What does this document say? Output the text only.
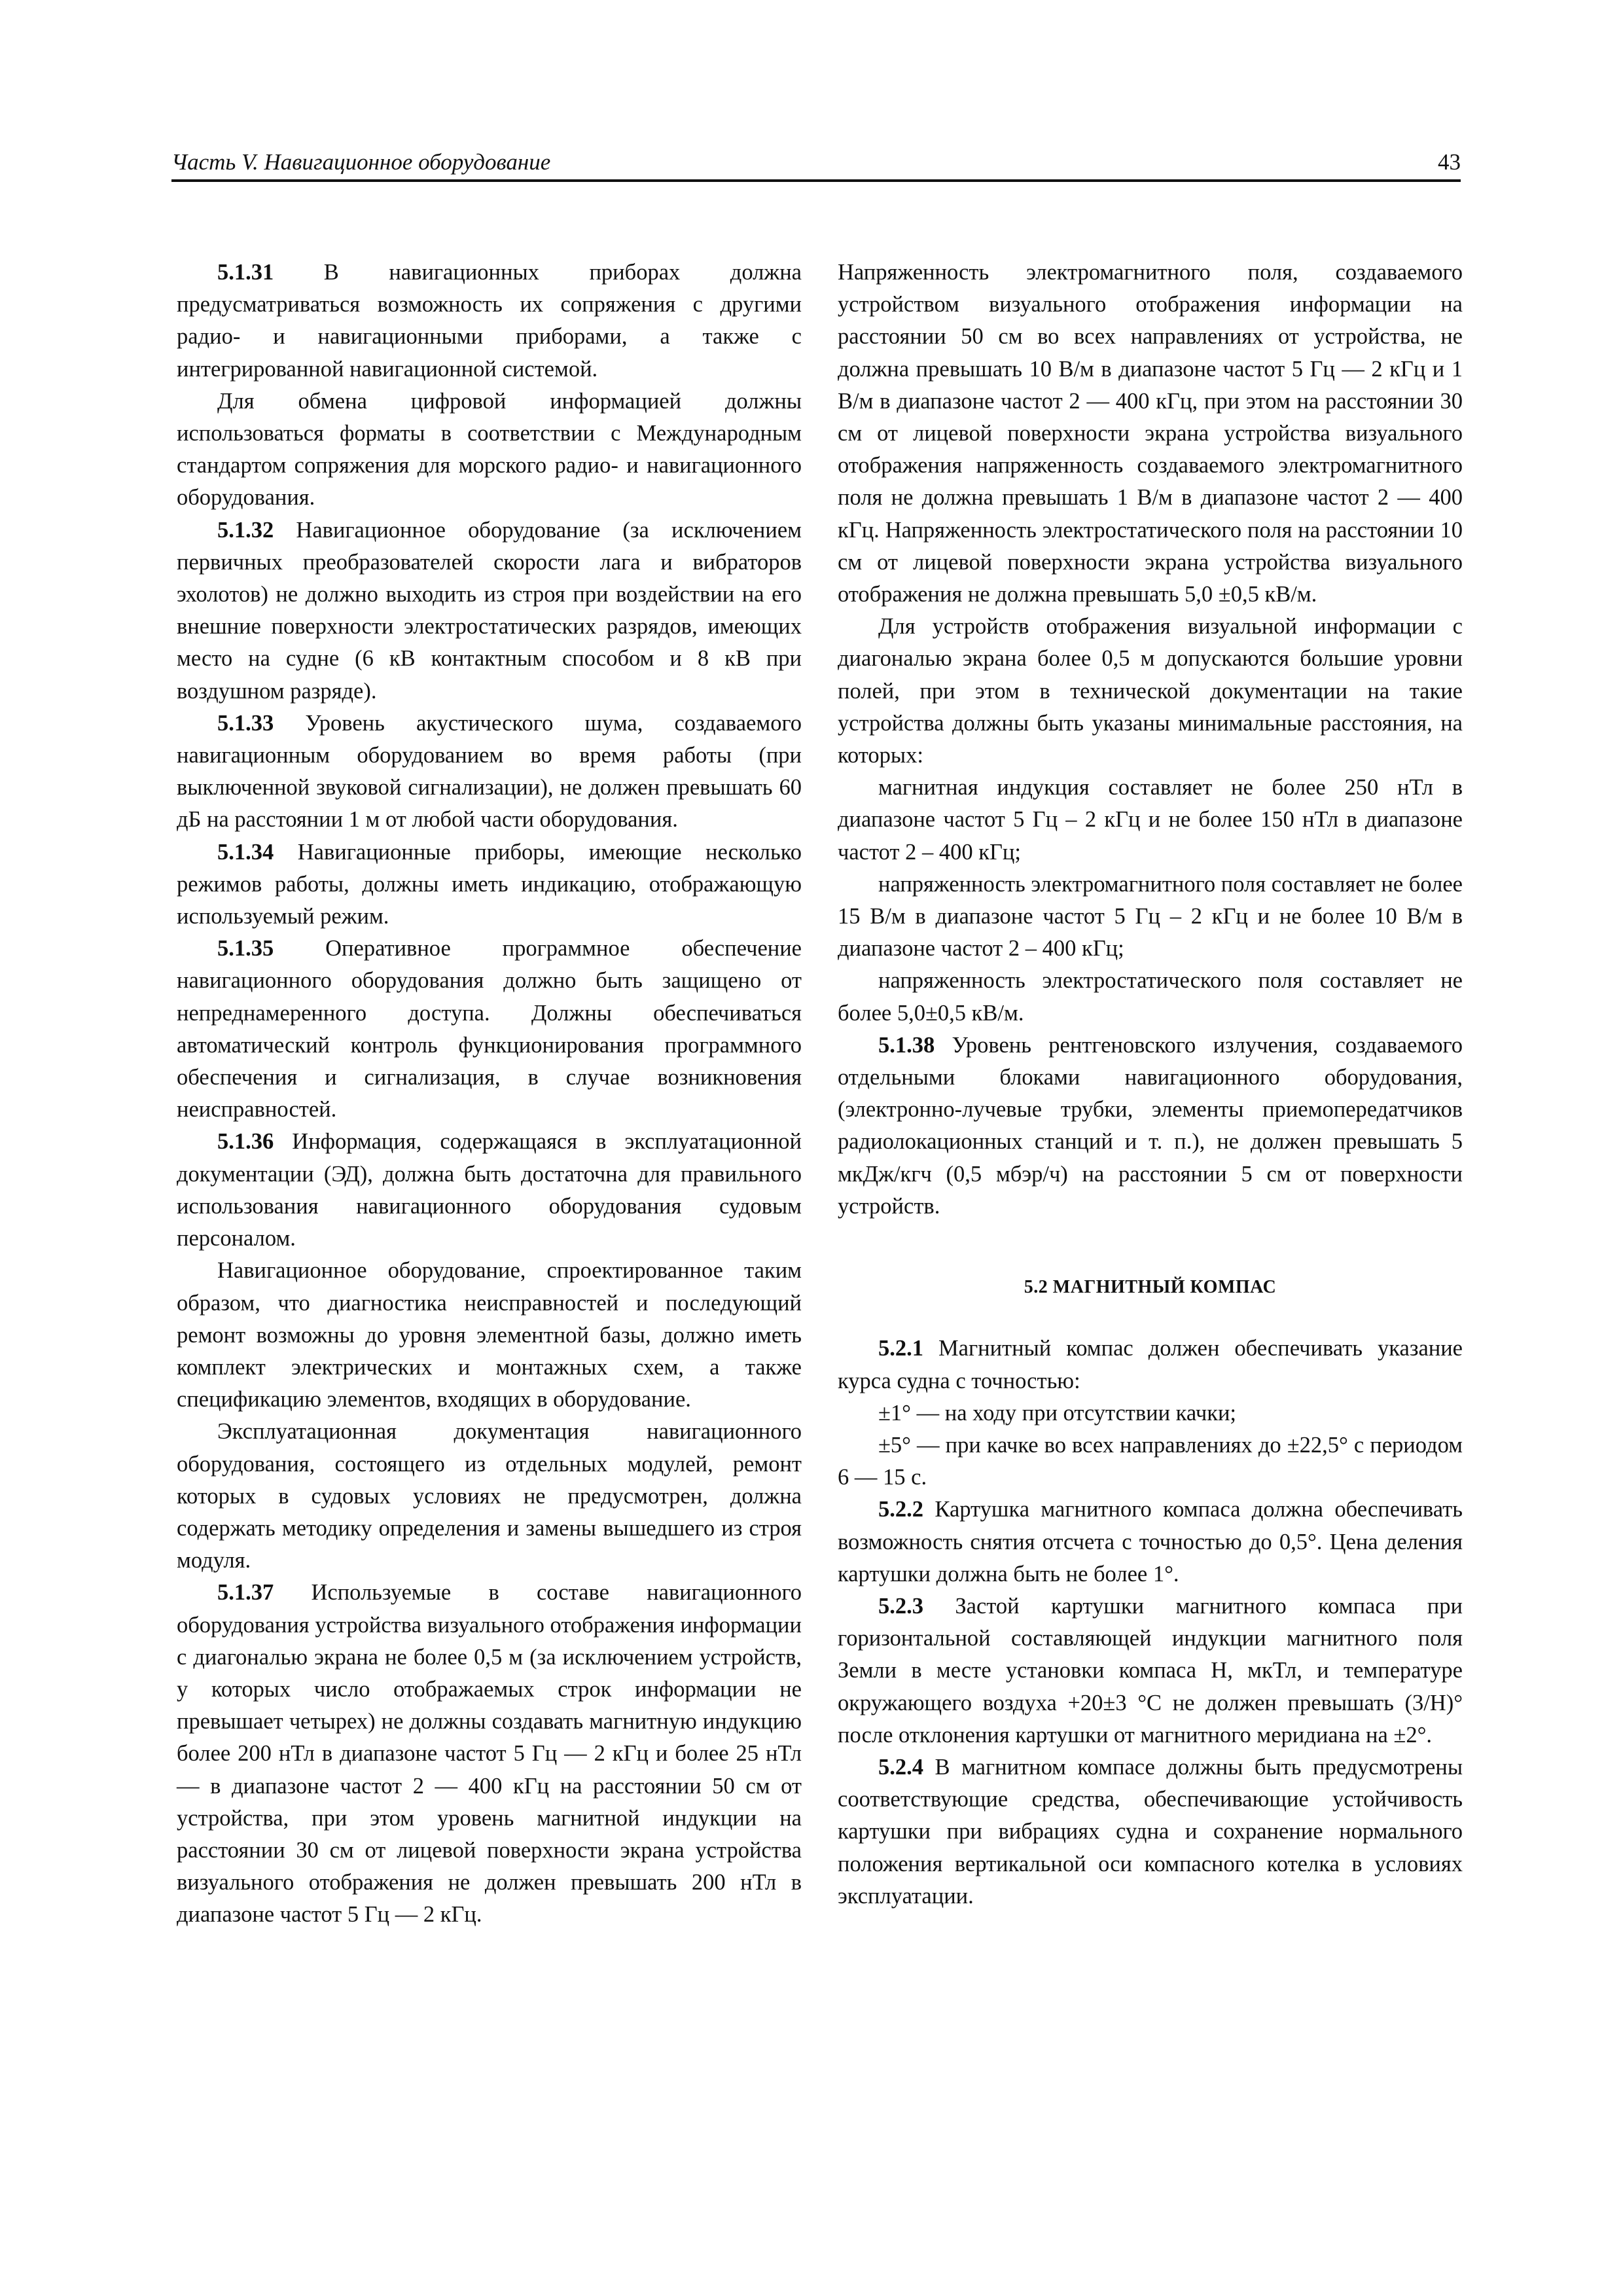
Часть V. Навигационное оборудование	43

5.1.31 В навигационных приборах должна предусматриваться возможность их сопряжения с другими радио- и навигационными приборами, а также с интегрированной навигационной системой.

Для обмена цифровой информацией должны использоваться форматы в соответствии с Международным стандартом сопряжения для морского радио- и навигационного оборудования.

5.1.32 Навигационное оборудование (за исключением первичных преобразователей скорости лага и вибраторов эхолотов) не должно выходить из строя при воздействии на его внешние поверхности электростатических разрядов, имеющих место на судне (6 кВ контактным способом и 8 кВ при воздушном разряде).

5.1.33 Уровень акустического шума, создаваемого навигационным оборудованием во время работы (при выключенной звуковой сигнализации), не должен превышать 60 дБ на расстоянии 1 м от любой части оборудования.

5.1.34 Навигационные приборы, имеющие несколько режимов работы, должны иметь индикацию, отображающую используемый режим.

5.1.35 Оперативное программное обеспечение навигационного оборудования должно быть защищено от непреднамеренного доступа. Должны обеспечиваться автоматический контроль функционирования программного обеспечения и сигнализация, в случае возникновения неисправностей.

5.1.36 Информация, содержащаяся в эксплуатационной документации (ЭД), должна быть достаточна для правильного использования навигационного оборудования судовым персоналом.

Навигационное оборудование, спроектированное таким образом, что диагностика неисправностей и последующий ремонт возможны до уровня элементной базы, должно иметь комплект электрических и монтажных схем, а также спецификацию элементов, входящих в оборудование.

Эксплуатационная документация навигационного оборудования, состоящего из отдельных модулей, ремонт которых в судовых условиях не предусмотрен, должна содержать методику определения и замены вышедшего из строя модуля.

5.1.37 Используемые в составе навигационного оборудования устройства визуального отображения информации с диагональю экрана не более 0,5 м (за исключением устройств, у которых число отображаемых строк информации не превышает четырех) не должны создавать магнитную индукцию более 200 нТл в диапазоне частот 5 Гц — 2 кГц и более 25 нТл — в диапазоне частот 2 — 400 кГц на расстоянии 50 см от устройства, при этом уровень магнитной индукции на расстоянии 30 см от лицевой поверхности экрана устройства визуального отображения не должен превышать 200 нТл в диапазоне частот 5 Гц — 2 кГц.

Напряженность электромагнитного поля, создаваемого устройством визуального отображения информации на расстоянии 50 см во всех направлениях от устройства, не должна превышать 10 В/м в диапазоне частот 5 Гц — 2 кГц и 1 В/м в диапазоне частот 2 — 400 кГц, при этом на расстоянии 30 см от лицевой поверхности экрана устройства визуального отображения напряженность создаваемого электромагнитного поля не должна превышать 1 В/м в диапазоне частот 2 — 400 кГц. Напряженность электростатического поля на расстоянии 10 см от лицевой поверхности экрана устройства визуального отображения не должна превышать 5,0 ±0,5 кВ/м.

Для устройств отображения визуальной информации с диагональю экрана более 0,5 м допускаются большие уровни полей, при этом в технической документации на такие устройства должны быть указаны минимальные расстояния, на которых:

магнитная индукция составляет не более 250 нТл в диапазоне частот 5 Гц – 2 кГц и не более 150 нТл в диапазоне частот 2 – 400 кГц;

напряженность электромагнитного поля составляет не более 15 В/м в диапазоне частот 5 Гц – 2 кГц и не более 10 В/м в диапазоне частот 2 – 400 кГц;

напряженность электростатического поля составляет не более 5,0±0,5 кВ/м.

5.1.38 Уровень рентгеновского излучения, создаваемого отдельными блоками навигационного оборудования, (электронно-лучевые трубки, элементы приемопередатчиков радиолокационных станций и т. п.), не должен превышать 5 мкДж/кгч (0,5 мбэр/ч) на расстоянии 5 см от поверхности устройств.

5.2 МАГНИТНЫЙ КОМПАС

5.2.1 Магнитный компас должен обеспечивать указание курса судна с точностью:

±1° — на ходу при отсутствии качки;

±5° — при качке во всех направлениях до ±22,5° с периодом 6 — 15 с.

5.2.2 Картушка магнитного компаса должна обеспечивать возможность снятия отсчета с точностью до 0,5°. Цена деления картушки должна быть не более 1°.

5.2.3 Застой картушки магнитного компаса при горизонтальной составляющей индукции магнитного поля Земли в месте установки компаса H, мкТл, и температуре окружающего воздуха +20±3 °С не должен превышать (3/H)° после отклонения картушки от магнитного меридиана на ±2°.

5.2.4 В магнитном компасе должны быть предусмотрены соответствующие средства, обеспечивающие устойчивость картушки при вибрациях судна и сохранение нормального положения вертикальной оси компасного котелка в условиях эксплуатации.
